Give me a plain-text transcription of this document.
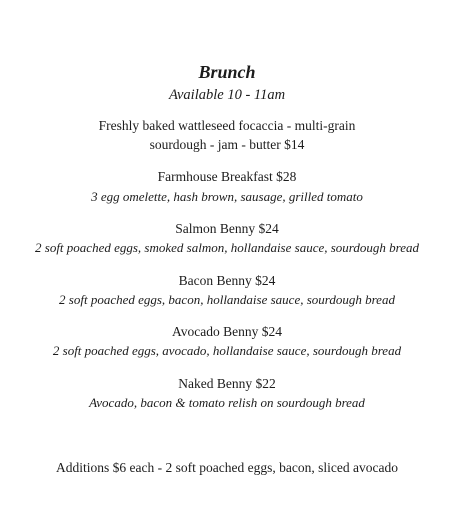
Brunch
Available 10 - 11am
Freshly baked wattleseed focaccia - multi-grain
sourdough - jam - butter $14
Farmhouse Breakfast $28
3 egg omelette, hash brown, sausage, grilled tomato
Salmon Benny $24
2 soft poached eggs, smoked salmon, hollandaise sauce, sourdough bread
Bacon Benny $24
2 soft poached eggs, bacon, hollandaise sauce, sourdough bread
Avocado Benny $24
2 soft poached eggs, avocado, hollandaise sauce, sourdough bread
Naked Benny $22
Avocado, bacon & tomato relish on sourdough bread
Additions $6 each - 2 soft poached eggs, bacon, sliced avocado
